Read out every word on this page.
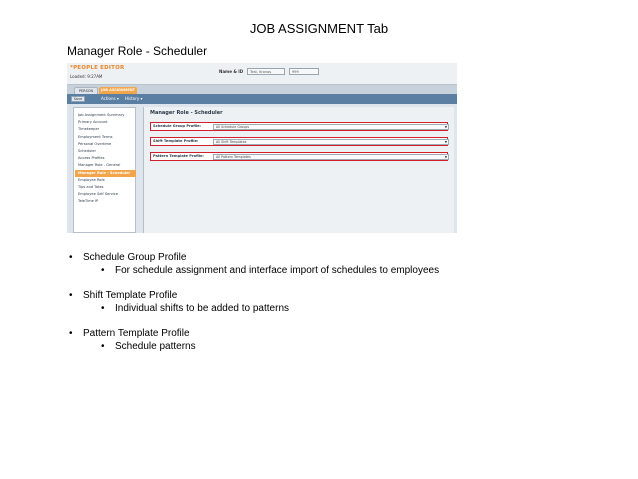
JOB ASSIGNMENT Tab
Manager Role - Scheduler
*PEOPLE EDITOR
Loaded: 9:27AM
Name & ID	Test, Kronos	999
PERSON	JOB ASSIGNMENT
Save	Actions ▾ History ▾
Job Assignment Summary
Primary Account
Timekeeper
Employment Terms
Personal Overtime
Scheduler
Access Profiles
Manager Role - General
Manager Role - Scheduler
Employee Role
Tips and Totes
Employee Self Service
TeleTime IP
Manager Role - Scheduler
Schedule Group Profile:	All Schedule Groups	▼
Shift Template Profile:	All Shift Templates	▼
Pattern Template Profile:	All Pattern Templates	▼
• Schedule Group Profile
• For schedule assignment and interface import of schedules to employees
• Shift Template Profile
• Individual shifts to be added to patterns
• Pattern Template Profile
• Schedule patterns
